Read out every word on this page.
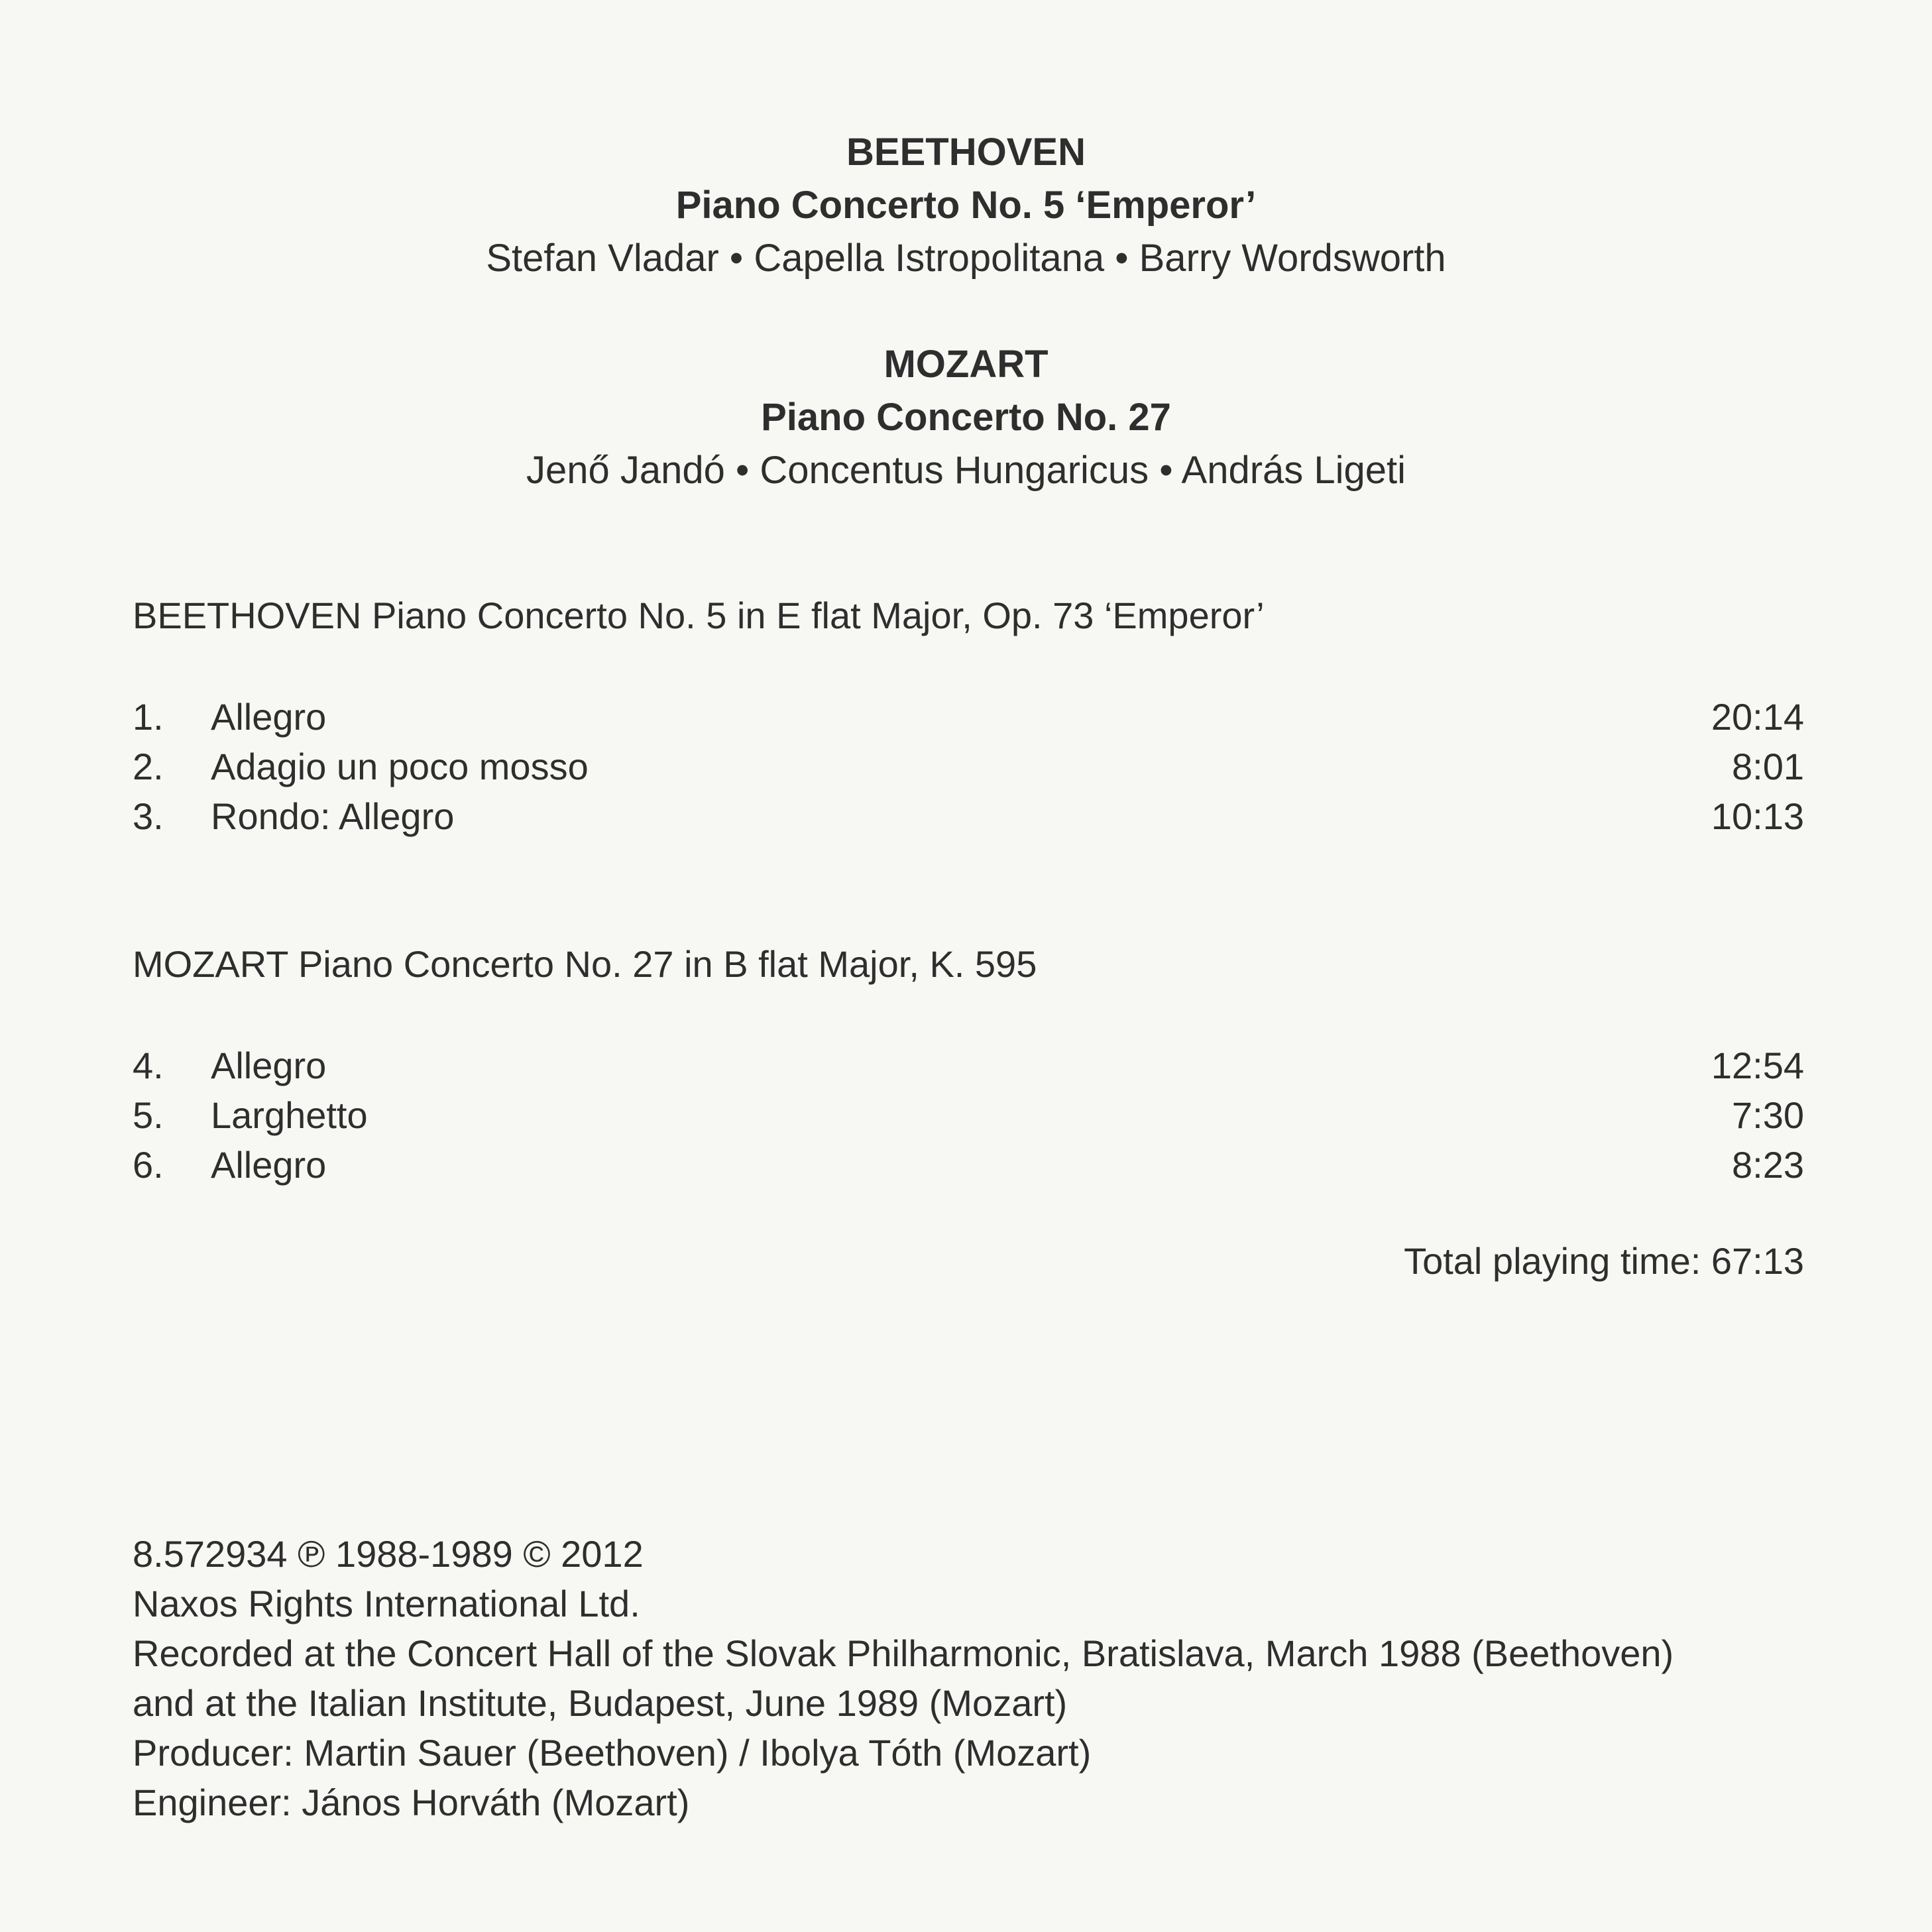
BEETHOVEN
Piano Concerto No. 5 ‘Emperor’
Stefan Vladar • Capella Istropolitana • Barry Wordsworth
MOZART
Piano Concerto No. 27
Jenő Jandó • Concentus Hungaricus • András Ligeti
BEETHOVEN Piano Concerto No. 5 in E flat Major, Op. 73 ‘Emperor’
1.	Allegro	20:14
2.	Adagio un poco mosso	8:01
3.	Rondo: Allegro	10:13
MOZART Piano Concerto No. 27 in B flat Major, K. 595
4.	Allegro	12:54
5.	Larghetto	7:30
6.	Allegro	8:23
Total playing time: 67:13
8.572934 ℗ 1988-1989 © 2012
Naxos Rights International Ltd.
Recorded at the Concert Hall of the Slovak Philharmonic, Bratislava, March 1988 (Beethoven)
and at the Italian Institute, Budapest, June 1989 (Mozart)
Producer: Martin Sauer (Beethoven) / Ibolya Tóth (Mozart)
Engineer: János Horváth (Mozart)
